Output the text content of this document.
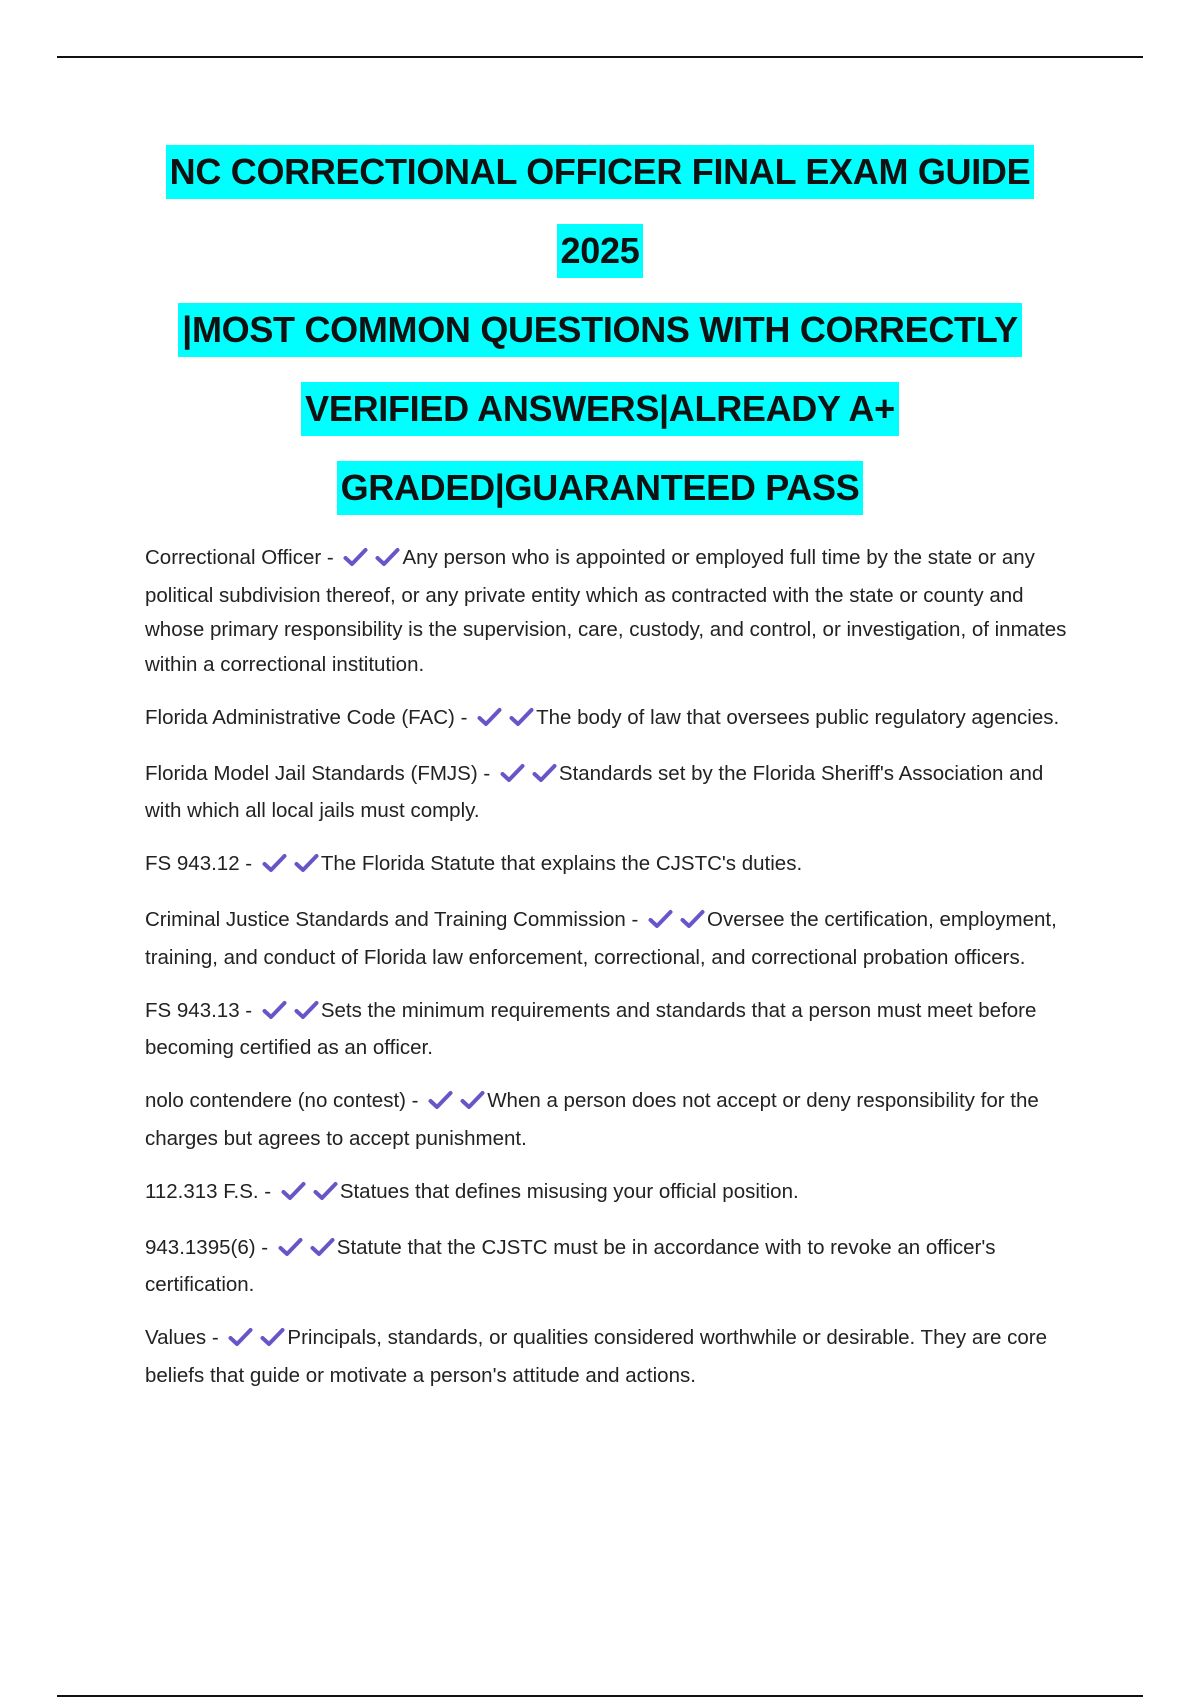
NC CORRECTIONAL OFFICER FINAL EXAM GUIDE
2025
|MOST COMMON QUESTIONS WITH CORRECTLY
VERIFIED ANSWERS|ALREADY A+
GRADED|GUARANTEED PASS
Correctional Officer -	Any person who is appointed or employed full time by the state or any political subdivision thereof, or any private entity which as contracted with the state or county and whose primary responsibility is the supervision, care, custody, and control, or investigation, of inmates within a correctional institution.
Florida Administrative Code (FAC) -	The body of law that oversees public regulatory agencies.
Florida Model Jail Standards (FMJS) -	Standards set by the Florida Sheriff's Association and with which all local jails must comply.
FS 943.12 -	The Florida Statute that explains the CJSTC's duties.
Criminal Justice Standards and Training Commission -	Oversee the certification, employment, training, and conduct of Florida law enforcement, correctional, and correctional probation officers.
FS 943.13 -	Sets the minimum requirements and standards that a person must meet before becoming certified as an officer.
nolo contendere (no contest) -	When a person does not accept or deny responsibility for the charges but agrees to accept punishment.
112.313 F.S. -	Statues that defines misusing your official position.
943.1395(6) -	Statute that the CJSTC must be in accordance with to revoke an officer's certification.
Values -	Principals, standards, or qualities considered worthwhile or desirable. They are core beliefs that guide or motivate a person's attitude and actions.
